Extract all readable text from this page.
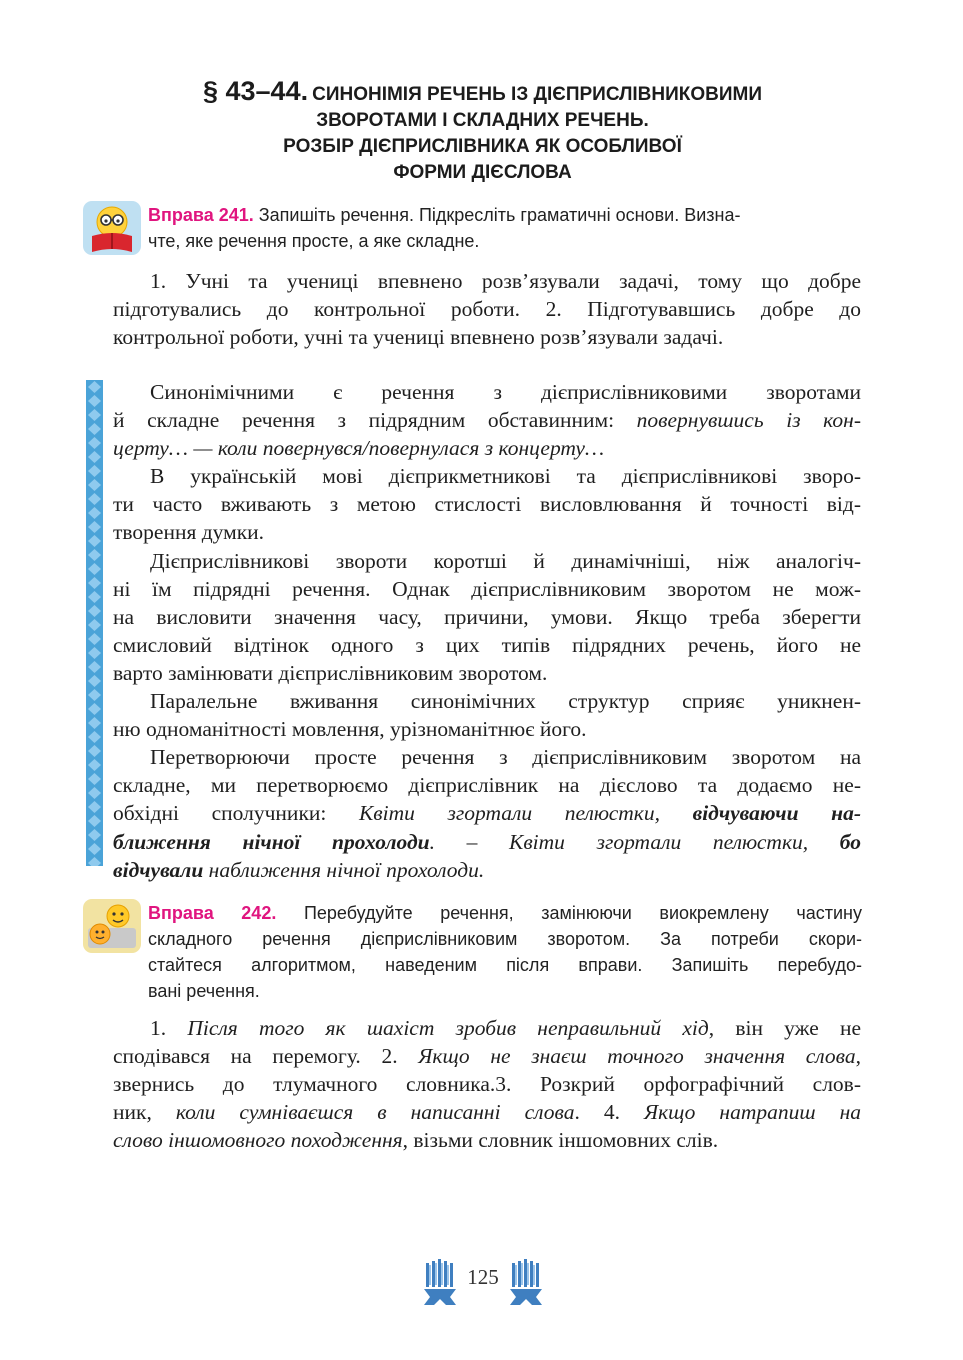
§ 43–44. СИНОНІМІЯ РЕЧЕНЬ ІЗ ДІЄПРИСЛІВНИКОВИМИ
ЗВОРОТАМИ І СКЛАДНИХ РЕЧЕНЬ.
РОЗБІР ДІЄПРИСЛІВНИКА ЯК ОСОБЛИВОЇ
ФОРМИ ДІЄСЛОВА
Вправа 241. Запишіть речення. Підкресліть граматичні основи. Визна-
чте, яке речення просте, а яке складне.
1. Учні та учениці впевнено розв’язували задачі, тому що добре
підготувались до контрольної роботи. 2. Підготувавшись добре до
контрольної роботи, учні та учениці впевнено розв’язували задачі.
Синонімічними є речення з дієприслівниковими зворотами
й складне речення з підрядним обставинним: повернувшись із кон-
церту… — коли повернувся/повернулася з концерту…
В українській мові дієприкметникові та дієприслівникові зворо-
ти часто вживають з метою стислості висловлювання й точності від-
творення думки.
Дієприслівникові звороти коротші й динамічніші, ніж аналогіч-
ні їм підрядні речення. Однак дієприслівниковим зворотом не мож-
на висловити значення часу, причини, умови. Якщо треба зберегти
смисловий відтінок одного з цих типів підрядних речень, його не
варто замінювати дієприслівниковим зворотом.
Паралельне вживання синонімічних структур сприяє уникнен-
ню одноманітності мовлення, урізноманітнює його.
Перетворюючи просте речення з дієприслівниковим зворотом на
складне, ми перетворюємо дієприслівник на дієслово та додаємо не-
обхідні сполучники: Квіти згортали пелюстки, відчуваючи на-
ближення нічної прохолоди. – Квіти згортали пелюстки, бо
відчували наближення нічної прохолоди.
Вправа 242. Перебудуйте речення, замінюючи виокремлену частину
складного речення дієприслівниковим зворотом. За потреби скори-
стайтеся алгоритмом, наведеним після вправи. Запишіть перебудо-
вані речення.
1. Після того як шахіст зробив неправильний хід, він уже не
сподівався на перемогу. 2. Якщо не знаєш точного значення слова,
звернись до тлумачного словника.3. Розкрий орфографічний слов-
ник, коли сумніваєшся в написанні слова. 4. Якщо натрапиш на
слово іншомовного походження, візьми словник іншомовних слів.
125
